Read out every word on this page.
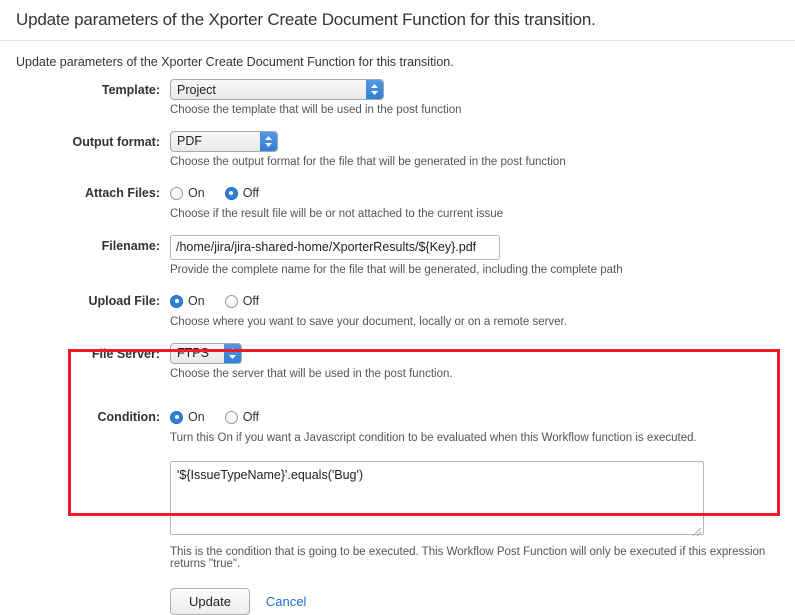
Update parameters of the Xporter Create Document Function for this transition.
Update parameters of the Xporter Create Document Function for this transition.
Template:
Project
Choose the template that will be used in the post function
Output format:
PDF
Choose the output format for the file that will be generated in the post function
Attach Files:	On	Off
Choose if the result file will be or not attached to the current issue
Filename:
/home/jira/jira-shared-home/XporterResults/${Key}.pdf
Provide the complete name for the file that will be generated, including the complete path
Upload File:	On	Off
Choose where you want to save your document, locally or on a remote server.
File Server:
FTPS
Choose the server that will be used in the post function.
Condition:	On	Off
Turn this On if you want a Javascript condition to be evaluated when this Workflow function is executed.
'${IssueTypeName}'.equals('Bug')
This is the condition that is going to be executed. This Workflow Post Function will only be executed if this expression returns "true".
Update	Cancel
